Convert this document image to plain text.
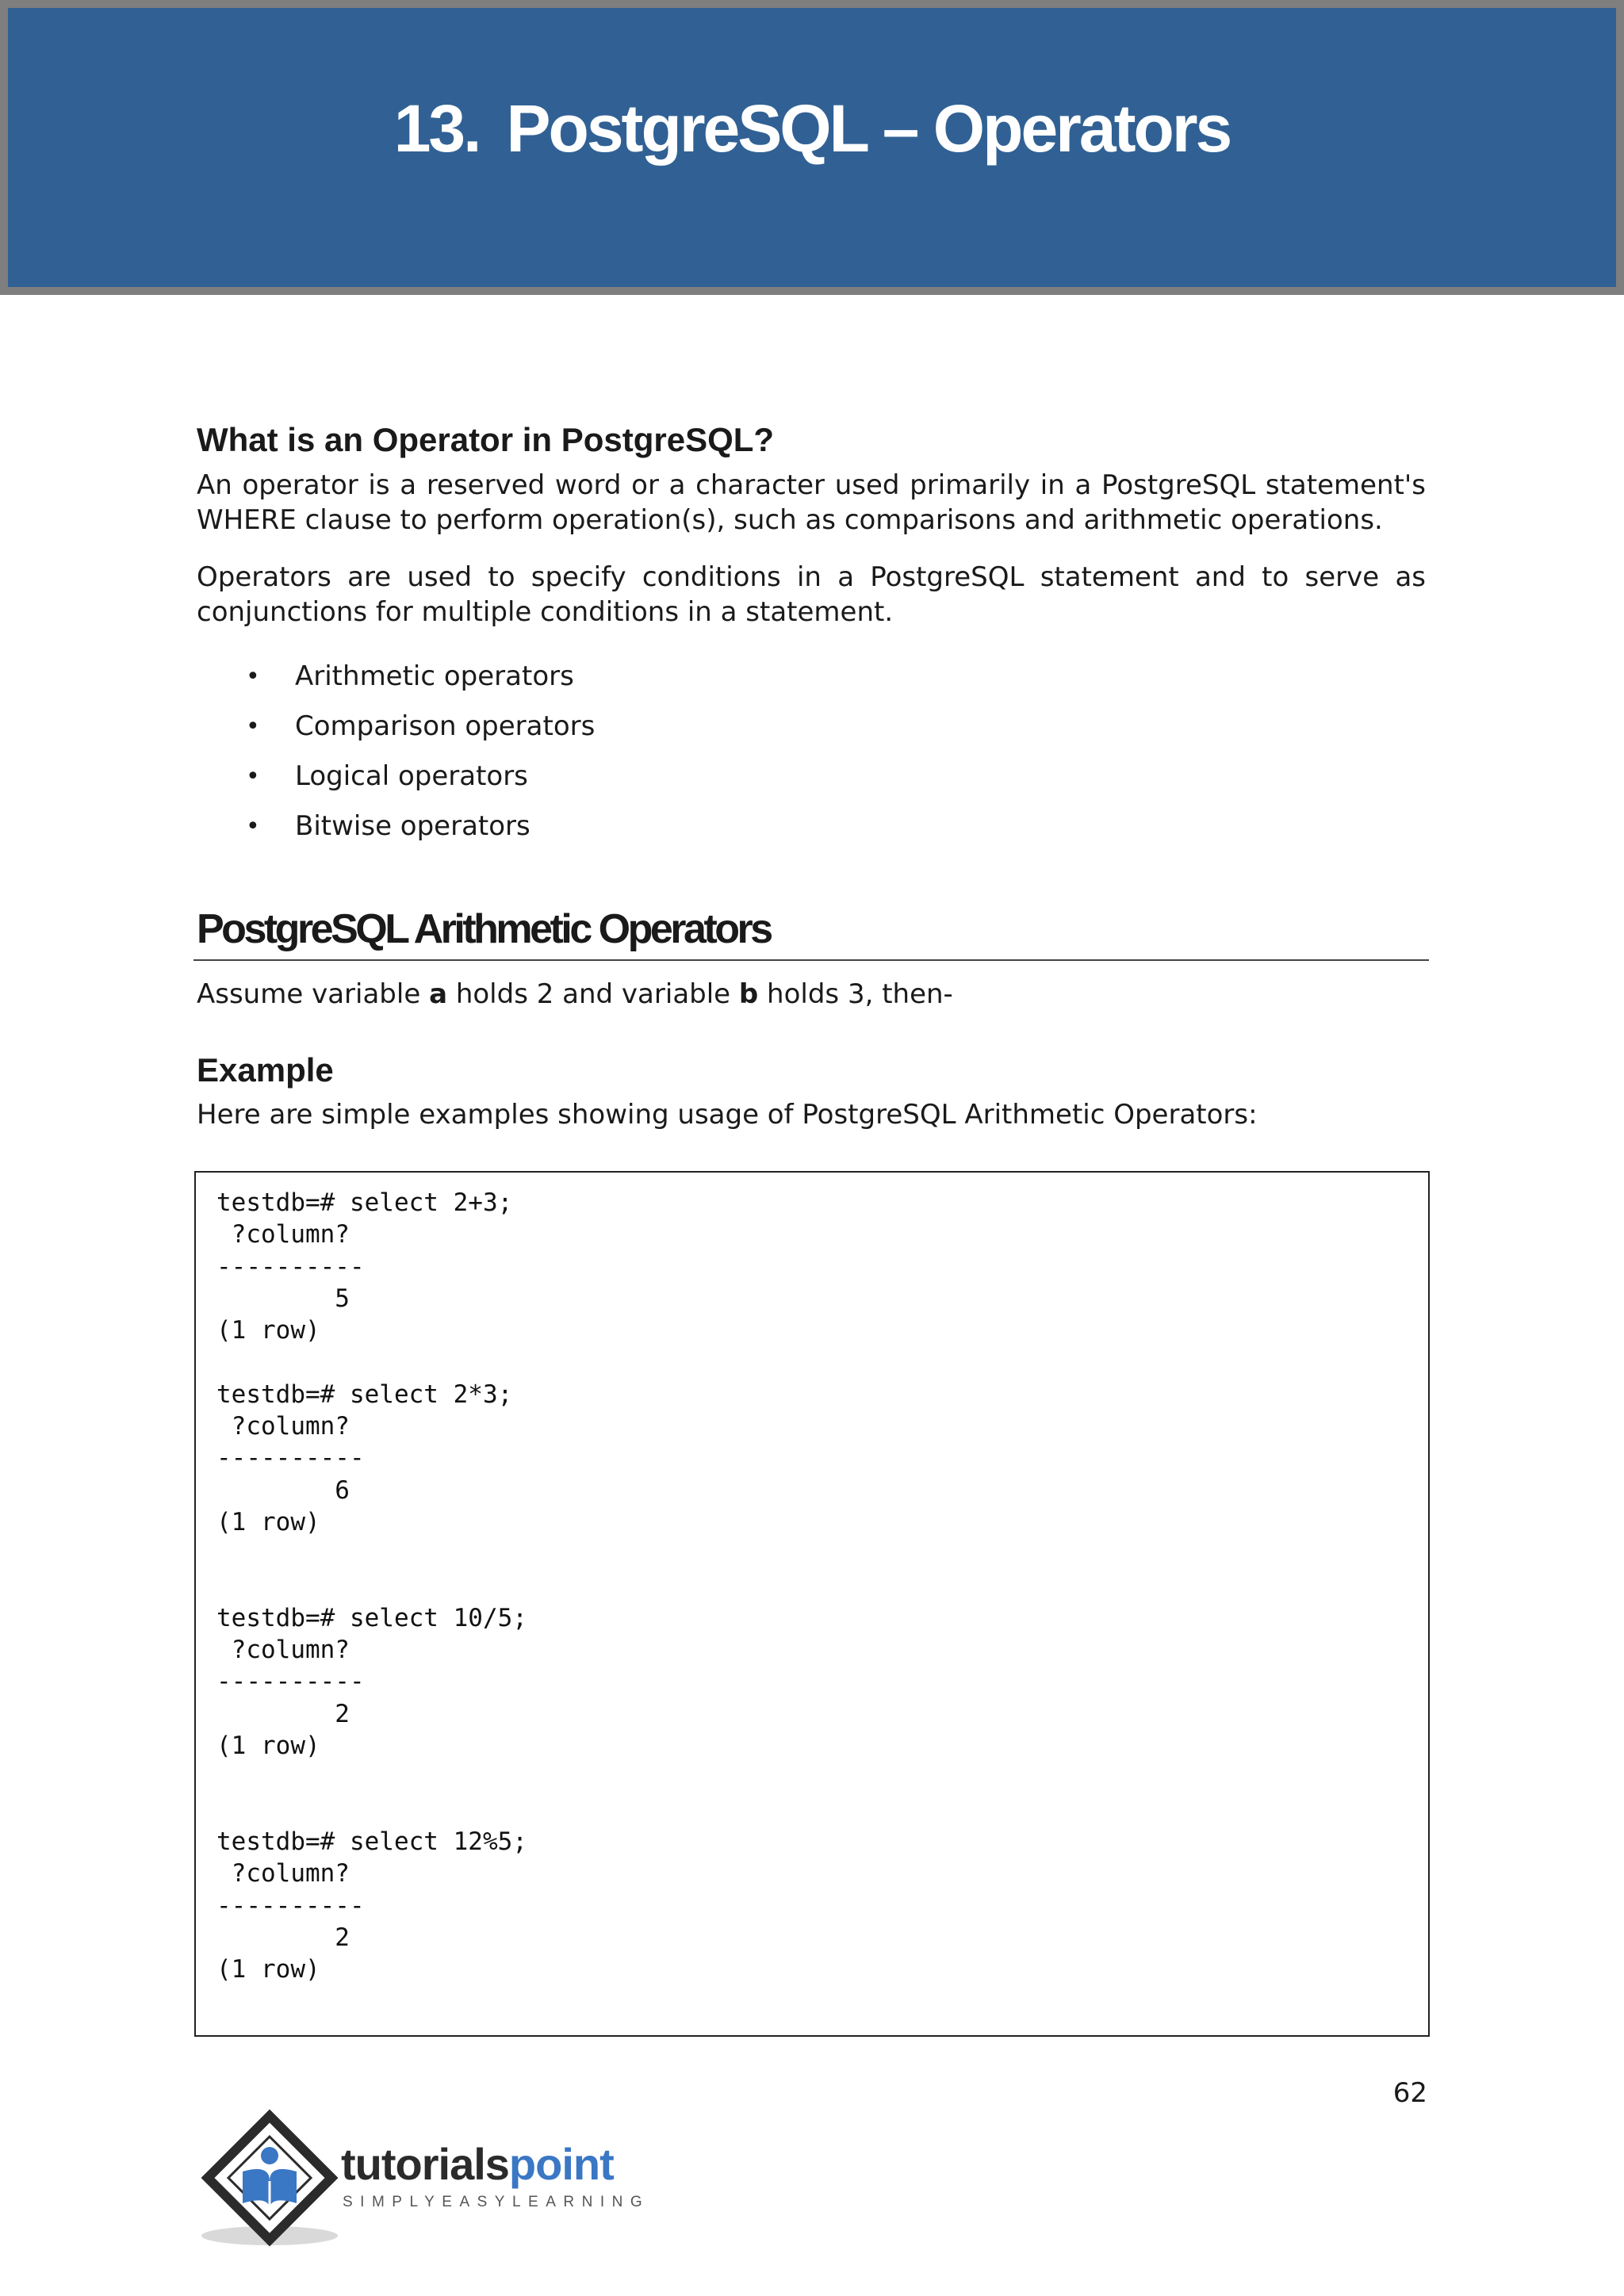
13. PostgreSQL – Operators
What is an Operator in PostgreSQL?

An operator is a reserved word or a character used primarily in a PostgreSQL statement's WHERE clause to perform operation(s), such as comparisons and arithmetic operations.

Operators are used to specify conditions in a PostgreSQL statement and to serve as conjunctions for multiple conditions in a statement.

• Arithmetic operators
• Comparison operators
• Logical operators
• Bitwise operators
PostgreSQL Arithmetic Operators

Assume variable a holds 2 and variable b holds 3, then-

Example

Here are simple examples showing usage of PostgreSQL Arithmetic Operators:

testdb=# select 2+3;
?column?
----------
5
(1 row)

testdb=# select 2*3;
?column?
----------
6
(1 row)

testdb=# select 10/5;
?column?
----------
2
(1 row)

testdb=# select 12%5;
?column?
----------
2
(1 row)
62
tutorialspoint
SIMPLYEASYLEARNING
